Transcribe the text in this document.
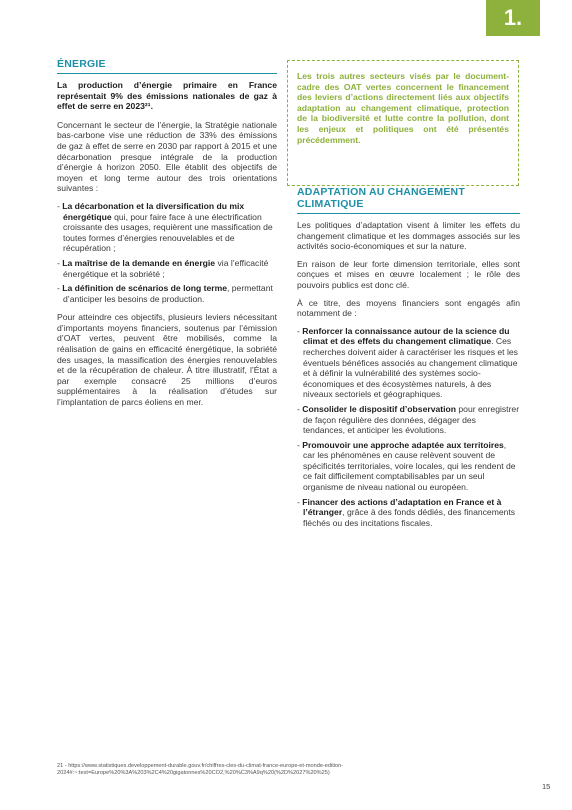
1.
ÉNERGIE

La production d’énergie primaire en France représentait 9% des émissions nationales de gaz à effet de serre en 2023²¹.

Concernant le secteur de l’énergie, la Stratégie nationale bas-carbone vise une réduction de 33% des émissions de gaz à effet de serre en 2030 par rapport à 2015 et une décarbonation presque intégrale de la production d’énergie à horizon 2050. Elle établit des objectifs de moyen et long terme autour des trois orientations suivantes :

- La décarbonation et la diversification du mix énergétique qui, pour faire face à une électrification croissante des usages, requièrent une massification de toutes formes d’énergies renouvelables et de récupération ;
- La maîtrise de la demande en énergie via l’efficacité énergétique et la sobriété ;
- La définition de scénarios de long terme, permettant d’anticiper les besoins de production.

Pour atteindre ces objectifs, plusieurs leviers nécessitant d’importants moyens financiers, soutenus par l’émission d’OAT vertes, peuvent être mobilisés, comme la réalisation de gains en efficacité énergétique, la sobriété des usages, la massification des énergies renouvelables et de la récupération de chaleur. À titre illustratif, l’État a par exemple consacré 25 millions d’euros supplémentaires à la réalisation d’études sur l’implantation de parcs éoliens en mer.

Les trois autres secteurs visés par le document-cadre des OAT vertes concernent le financement des leviers d’actions directement liés aux objectifs adaptation au changement climatique, protection de la biodiversité et lutte contre la pollution, dont les enjeux et politiques ont été présentés précédemment.
ADAPTATION AU CHANGEMENT CLIMATIQUE

Les politiques d’adaptation visent à limiter les effets du changement climatique et les dommages associés sur les activités socio-économiques et sur la nature.

En raison de leur forte dimension territoriale, elles sont conçues et mises en œuvre localement ; le rôle des pouvoirs publics est donc clé.

À ce titre, des moyens financiers sont engagés afin notamment de :

- Renforcer la connaissance autour de la science du climat et des effets du changement climatique. Ces recherches doivent aider à caractériser les risques et les éventuels bénéfices associés au changement climatique et à définir la vulnérabilité des systèmes socio-économiques et des écosystèmes naturels, à des niveaux sectoriels et géographiques.
- Consolider le dispositif d’observation pour enregistrer de façon régulière des données, dégager des tendances, et anticiper les évolutions.
- Promouvoir une approche adaptée aux territoires, car les phénomènes en cause relèvent souvent de spécificités territoriales, voire locales, qui les rendent de ce fait difficilement comptabilisables par un seul organisme de niveau national ou européen.
- Financer des actions d’adaptation en France et à l’étranger, grâce à des fonds dédiés, des financements fléchés ou des incitations fiscales.
21 - https://www.statistiques.developpement-durable.gouv.fr/chiffres-cles-du-climat-france-europe-et-monde-edition-2024#:~:text=Europe%20%3A%203%2C4%20gigatonnes%20CO2,%20%C3%A9q%20(%2D%2027%20%25)
15
